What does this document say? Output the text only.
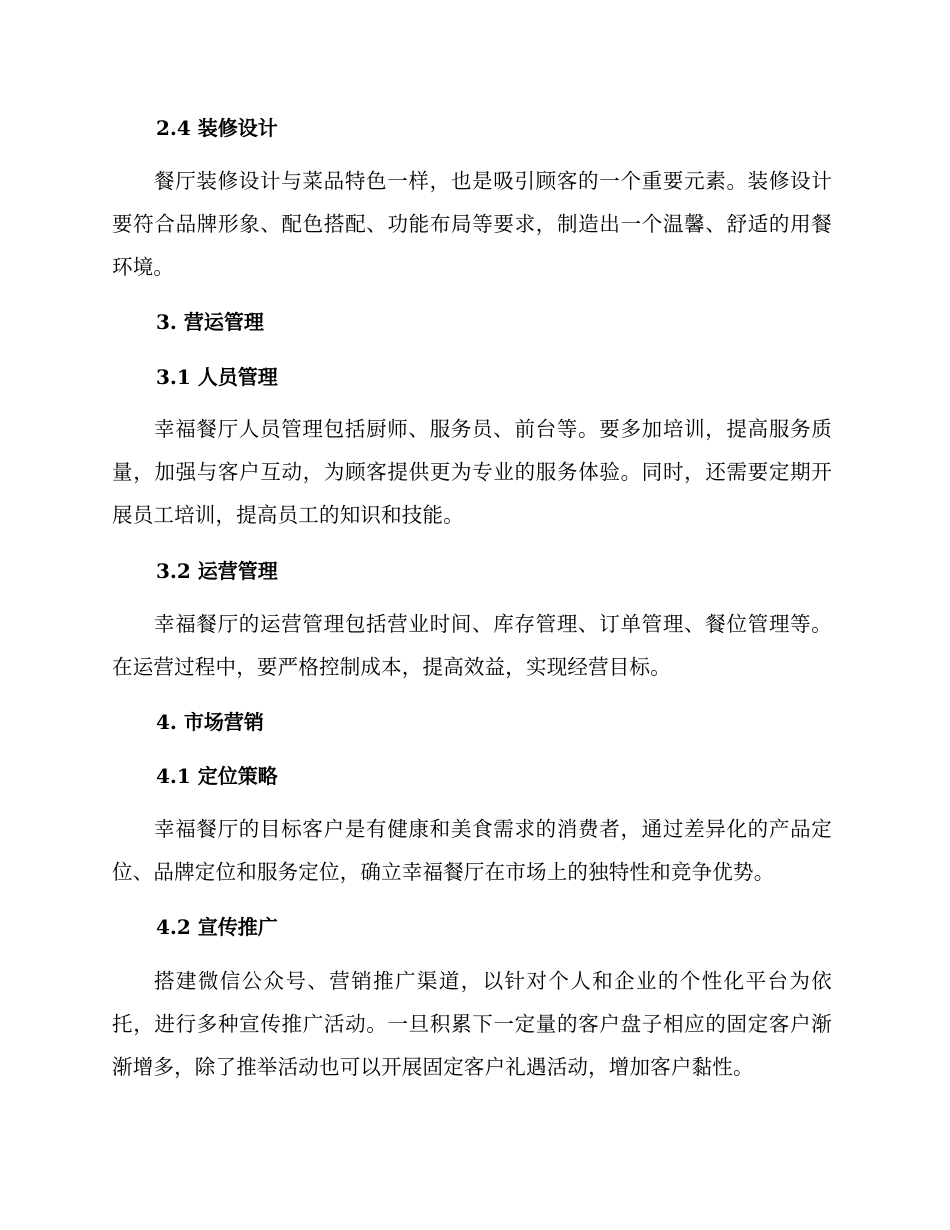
2.4 装修设计
餐厅装修设计与菜品特色一样，也是吸引顾客的一个重要元素。装修设计要符合品牌形象、配色搭配、功能布局等要求，制造出一个温馨、舒适的用餐环境。
3. 营运管理
3.1 人员管理
幸福餐厅人员管理包括厨师、服务员、前台等。要多加培训，提高服务质量，加强与客户互动，为顾客提供更为专业的服务体验。同时，还需要定期开展员工培训，提高员工的知识和技能。
3.2 运营管理
幸福餐厅的运营管理包括营业时间、库存管理、订单管理、餐位管理等。在运营过程中，要严格控制成本，提高效益，实现经营目标。
4. 市场营销
4.1 定位策略
幸福餐厅的目标客户是有健康和美食需求的消费者，通过差异化的产品定位、品牌定位和服务定位，确立幸福餐厅在市场上的独特性和竞争优势。
4.2 宣传推广
搭建微信公众号、营销推广渠道，以针对个人和企业的个性化平台为依托，进行多种宣传推广活动。一旦积累下一定量的客户盘子相应的固定客户渐渐增多，除了推举活动也可以开展固定客户礼遇活动，增加客户黏性。
